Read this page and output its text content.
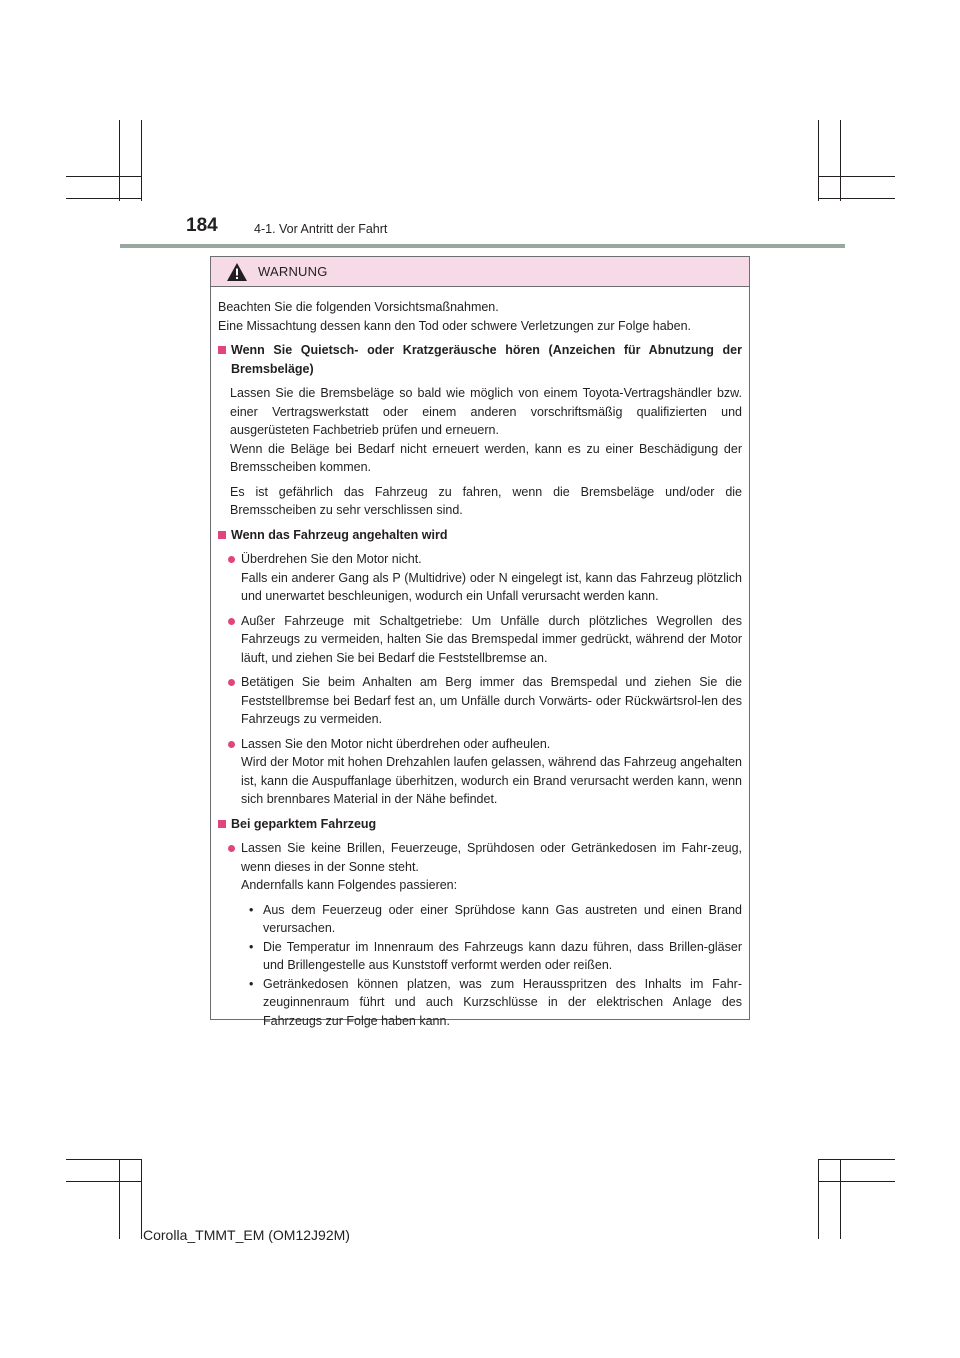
184	4-1. Vor Antritt der Fahrt
WARNUNG

Beachten Sie die folgenden Vorsichtsmaßnahmen.

Eine Missachtung dessen kann den Tod oder schwere Verletzungen zur Folge haben.

Wenn Sie Quietsch- oder Kratzgeräusche hören (Anzeichen für Abnutzung der Bremsbeläge)
Lassen Sie die Bremsbeläge so bald wie möglich von einem Toyota-Vertragshändler bzw. einer Vertragswerkstatt oder einem anderen vorschriftsmäßig qualifizierten und ausgerüsteten Fachbetrieb prüfen und erneuern.
Wenn die Beläge bei Bedarf nicht erneuert werden, kann es zu einer Beschädigung der Bremsscheiben kommen.
Es ist gefährlich das Fahrzeug zu fahren, wenn die Bremsbeläge und/oder die Bremsscheiben zu sehr verschlissen sind.
Wenn das Fahrzeug angehalten wird
Überdrehen Sie den Motor nicht.
Falls ein anderer Gang als P (Multidrive) oder N eingelegt ist, kann das Fahrzeug plötzlich und unerwartet beschleunigen, wodurch ein Unfall verursacht werden kann.
Außer Fahrzeuge mit Schaltgetriebe: Um Unfälle durch plötzliches Wegrollen des Fahrzeugs zu vermeiden, halten Sie das Bremspedal immer gedrückt, während der Motor läuft, und ziehen Sie bei Bedarf die Feststellbremse an.
Betätigen Sie beim Anhalten am Berg immer das Bremspedal und ziehen Sie die Feststellbremse bei Bedarf fest an, um Unfälle durch Vorwärts- oder Rückwärtsrol-len des Fahrzeugs zu vermeiden.
Lassen Sie den Motor nicht überdrehen oder aufheulen.
Wird der Motor mit hohen Drehzahlen laufen gelassen, während das Fahrzeug angehalten ist, kann die Auspuffanlage überhitzen, wodurch ein Brand verursacht werden kann, wenn sich brennbares Material in der Nähe befindet.
Bei geparktem Fahrzeug
Lassen Sie keine Brillen, Feuerzeuge, Sprühdosen oder Getränkedosen im Fahr-zeug, wenn dieses in der Sonne steht.
Andernfalls kann Folgendes passieren:
• Aus dem Feuerzeug oder einer Sprühdose kann Gas austreten und einen Brand verursachen.
• Die Temperatur im Innenraum des Fahrzeugs kann dazu führen, dass Brillen-gläser und Brillengestelle aus Kunststoff verformt werden oder reißen.
• Getränkedosen können platzen, was zum Herausspritzen des Inhalts im Fahr-zeuginnenraum führt und auch Kurzschlüsse in der elektrischen Anlage des Fahrzeugs zur Folge haben kann.
Corolla_TMMT_EM (OM12J92M)
